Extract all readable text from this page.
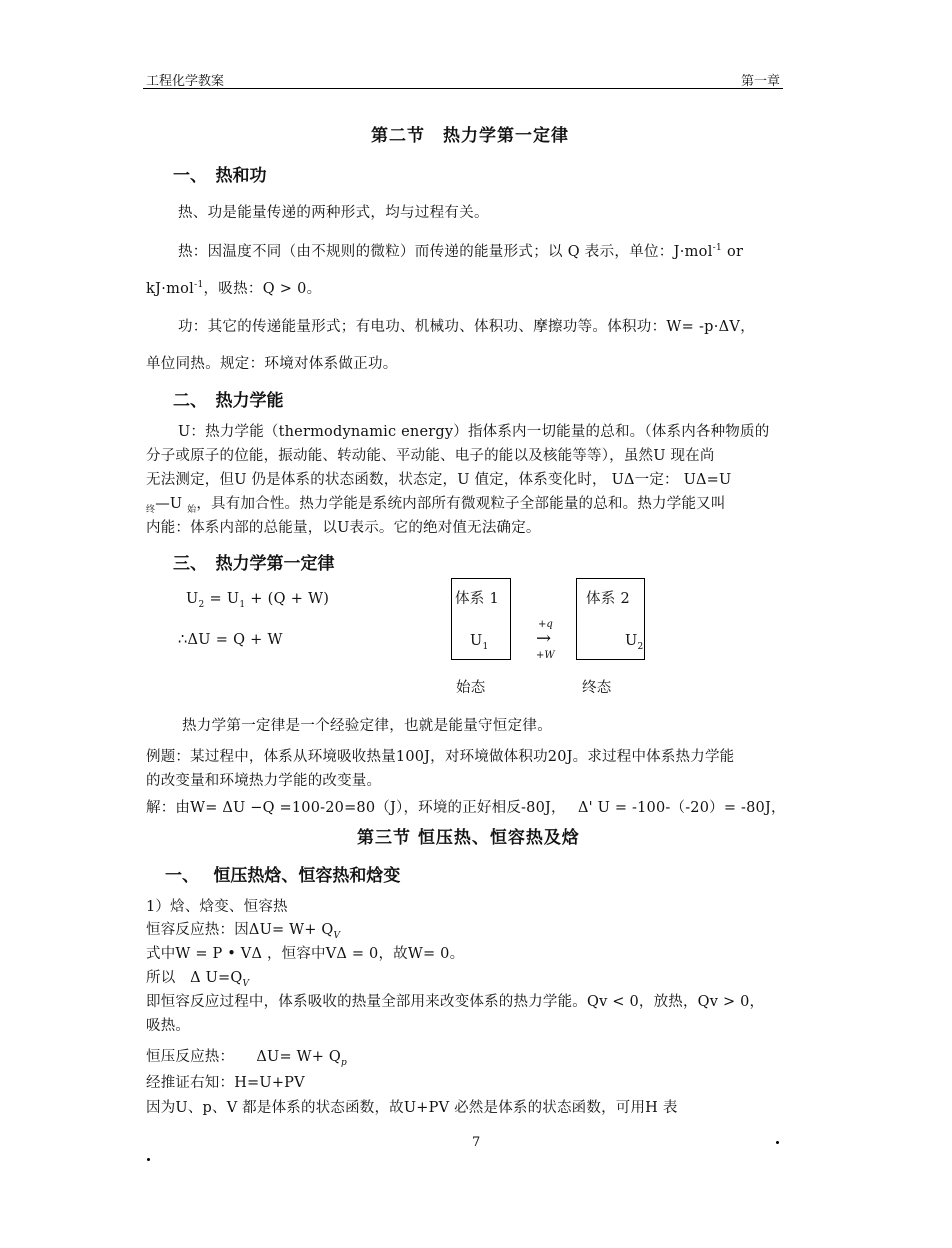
工程化学教案	第一章
第二节　热力学第一定律
一、　热和功
热、功是能量传递的两种形式，均与过程有关。
热：因温度不同（由不规则的微粒）而传递的能量形式；以 Q 表示，单位：J·mol$^{-1}$ or
kJ·mol$^{-1}$，吸热：Q > 0。
功：其它的传递能量形式；有电功、机械功、体积功、摩擦功等。体积功：W= -p·ΔV，
单位同热。规定：环境对体系做正功。
二、　热力学能
U：热力学能（thermodynamic energy）指体系内一切能量的总和。（体系内各种物质的
分子或原子的位能，振动能、转动能、平动能、电子的能以及核能等等），虽然U 现在尚
无法测定，但U 仍是体系的状态函数，状态定，U 值定，体系变化时， UΔ一定： UΔ=U
$_终$—U $_始$，具有加合性。热力学能是系统内部所有微观粒子全部能量的总和。热力学能又叫
内能：体系内部的总能量，以U表示。它的绝对值无法确定。
三、　热力学第一定律
$U_2 = U_1 + (Q + W)$
∴ΔU = Q + W
体系 1
$U_1$
+q
→
+W
体系 2
$U_2$
始态	终态
热力学第一定律是一个经验定律，也就是能量守恒定律。
例题：某过程中，体系从环境吸收热量100J，对环境做体积功20J。求过程中体系热力学能
的改变量和环境热力学能的改变量。
解：由W= ΔU −Q =100-20=80（J），环境的正好相反-80J，　 Δ' U = -100-（-20）= -80J，
第三节 恒压热、恒容热及焓
一、　 恒压热焓、恒容热和焓变
1）焓、焓变、恒容热
恒容反应热：因$\Delta U= W+ Q_V$
式中W = P • VΔ ，恒容中VΔ = 0，故W= 0。
所以　Δ $U=Q_V$
即恒容反应过程中，体系吸收的热量全部用来改变体系的热力学能。Qv < 0，放热，Qv > 0，
吸热。
恒压反应热：　　$\Delta U= W+ Q_p$
经推证右知：H=U+PV
因为U、p、V 都是体系的状态函数，故U+PV 必然是体系的状态函数，可用H 表
7
